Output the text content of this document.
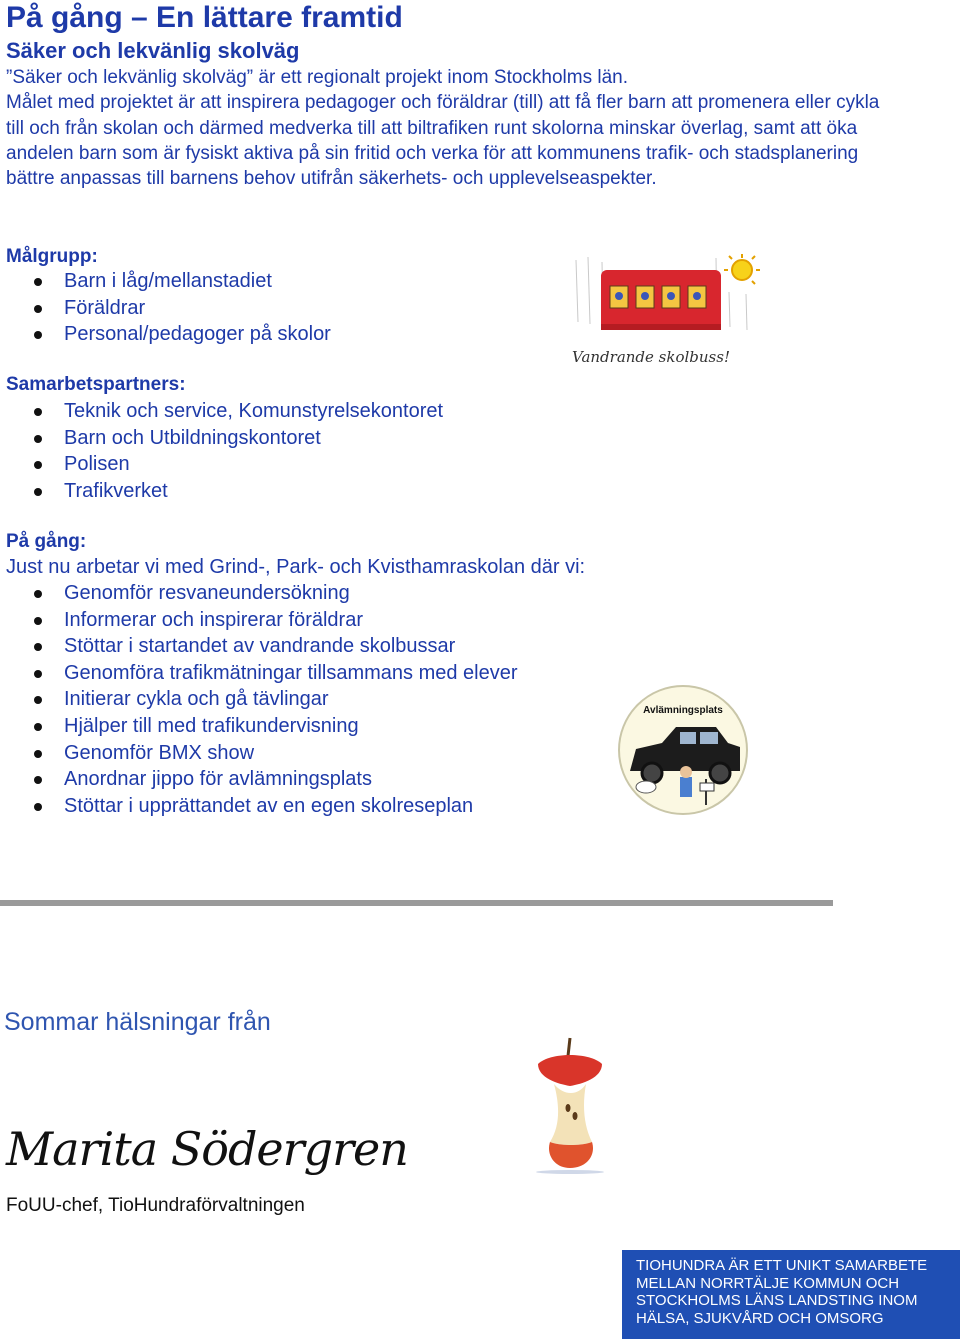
På gång – En lättare framtid
Säker och lekvänlig skolväg

”Säker och lekvänlig skolväg” är ett regionalt projekt inom Stockholms län.

Målet med projektet är att inspirera pedagoger och föräldrar (till) att få fler barn att promenera eller cykla till och från skolan och därmed medverka till att biltrafiken runt skolorna minskar överlag, samt att öka andelen barn som är fysiskt aktiva på sin fritid och verka för att kommunens trafik- och stadsplanering bättre anpassas till barnens behov utifrån säkerhets- och upplevelseaspekter.

Målgrupp:
Barn i låg/mellanstadiet
Föräldrar
Personal/pedagoger på skolor
Vandrande skolbuss!
Samarbetspartners:
Teknik och service, Komunstyrelsekontoret
Barn och Utbildningskontoret
Polisen
Trafikverket
På gång:
Just nu arbetar vi med Grind-, Park- och Kvisthamraskolan där vi:
Genomför resvaneundersökning
Informerar och inspirerar föräldrar
Stöttar i startandet av vandrande skolbussar
Genomföra trafikmätningar tillsammans med elever
Initierar cykla och gå tävlingar
Hjälper till med trafikundervisning
Genomför BMX show
Anordnar jippo för avlämningsplats
Stöttar i upprättandet av en egen skolreseplan
Avlämningsplats
Sommar hälsningar från
Marita Södergren
FoUU-chef, TioHundraförvaltningen
TIOHUNDRA ÄR ETT UNIKT SAMARBETE
MELLAN NORRTÄLJE KOMMUN OCH
STOCKHOLMS LÄNS LANDSTING INOM
HÄLSA, SJUKVÅRD OCH OMSORG
